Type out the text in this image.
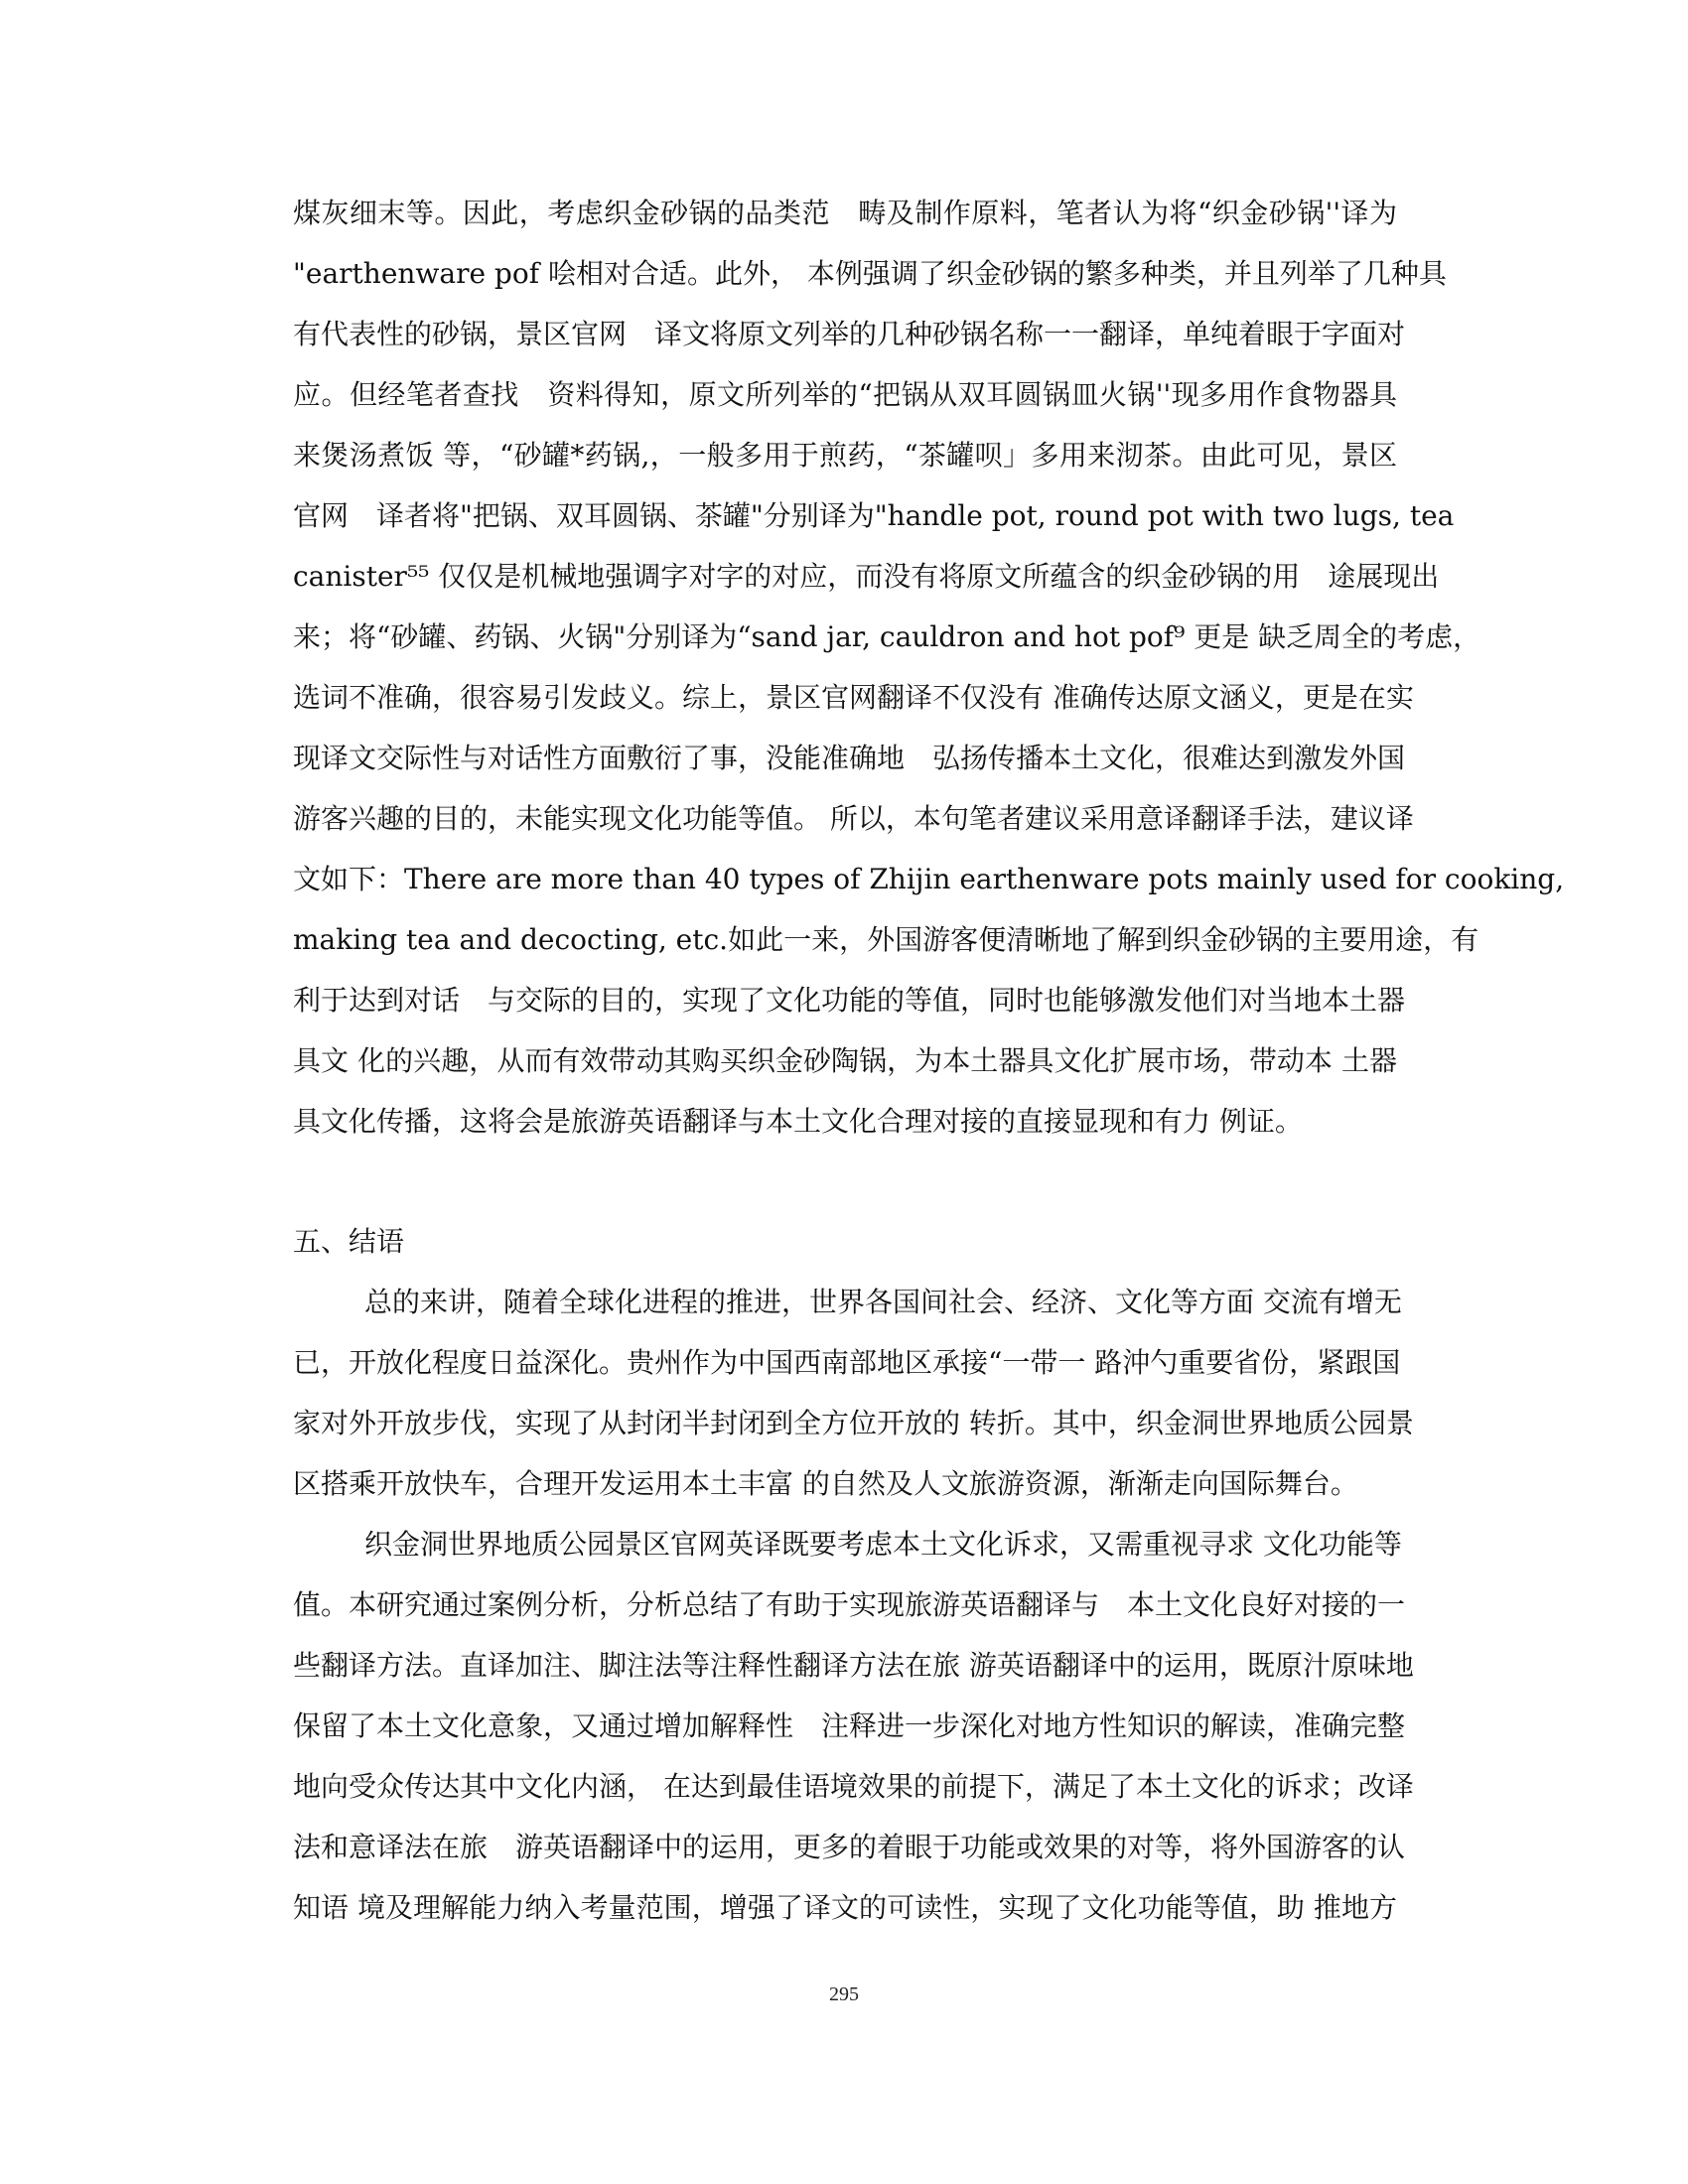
煤灰细末等。因此，考虑织金砂锅的品类范　畴及制作原料，笔者认为将“织金砂锅''译为
"earthenware pof 哙相对合适。此外， 本例强调了织金砂锅的繁多种类，并且列举了几种具
有代表性的砂锅，景区官网　译文将原文列举的几种砂锅名称一一翻译，单纯着眼于字面对
应。但经笔者查找　资料得知，原文所列举的“把锅从双耳圆锅皿火锅''现多用作食物器具
来煲汤煮饭 等，“砂罐*药锅,，一般多用于煎药，“茶罐呗」多用来沏茶。由此可见，景区
官网　译者将"把锅、双耳圆锅、茶罐"分别译为"handle pot, round pot with two lugs, tea
canister⁵⁵ 仅仅是机械地强调字对字的对应，而没有将原文所蕴含的织金砂锅的用　途展现出
来；将“砂罐、药锅、火锅"分别译为“sand jar, cauldron and hot pof⁹ 更是 缺乏周全的考虑，
选词不准确，很容易引发歧义。综上，景区官网翻译不仅没有 准确传达原文涵义，更是在实
现译文交际性与对话性方面敷衍了事，没能准确地　弘扬传播本土文化，很难达到激发外国
游客兴趣的目的，未能实现文化功能等值。 所以，本句笔者建议采用意译翻译手法，建议译
文如下：There are more than 40 types of Zhijin earthenware pots mainly used for cooking,
making tea and decocting, etc.如此一来，外国游客便清晰地了解到织金砂锅的主要用途，有
利于达到对话　与交际的目的，实现了文化功能的等值，同时也能够激发他们对当地本土器
具文 化的兴趣，从而有效带动其购买织金砂陶锅，为本土器具文化扩展市场，带动本 土器
具文化传播，这将会是旅游英语翻译与本土文化合理对接的直接显现和有力 例证。
五、结语
总的来讲，随着全球化进程的推进，世界各国间社会、经济、文化等方面 交流有增无
已，开放化程度日益深化。贵州作为中国西南部地区承接“一带一 路沖勺重要省份，紧跟国
家对外开放步伐，实现了从封闭半封闭到全方位开放的 转折。其中，织金洞世界地质公园景
区搭乘开放快车，合理开发运用本土丰富 的自然及人文旅游资源，渐渐走向国际舞台。
织金洞世界地质公园景区官网英译既要考虑本土文化诉求，又需重视寻求 文化功能等
值。本研究通过案例分析，分析总结了有助于实现旅游英语翻译与　本土文化良好对接的一
些翻译方法。直译加注、脚注法等注释性翻译方法在旅 游英语翻译中的运用，既原汁原味地
保留了本土文化意象，又通过增加解释性　注释进一步深化对地方性知识的解读，准确完整
地向受众传达其中文化内涵， 在达到最佳语境效果的前提下，满足了本土文化的诉求；改译
法和意译法在旅　游英语翻译中的运用，更多的着眼于功能或效果的对等，将外国游客的认
知语 境及理解能力纳入考量范围，增强了译文的可读性，实现了文化功能等值，助 推地方
295
